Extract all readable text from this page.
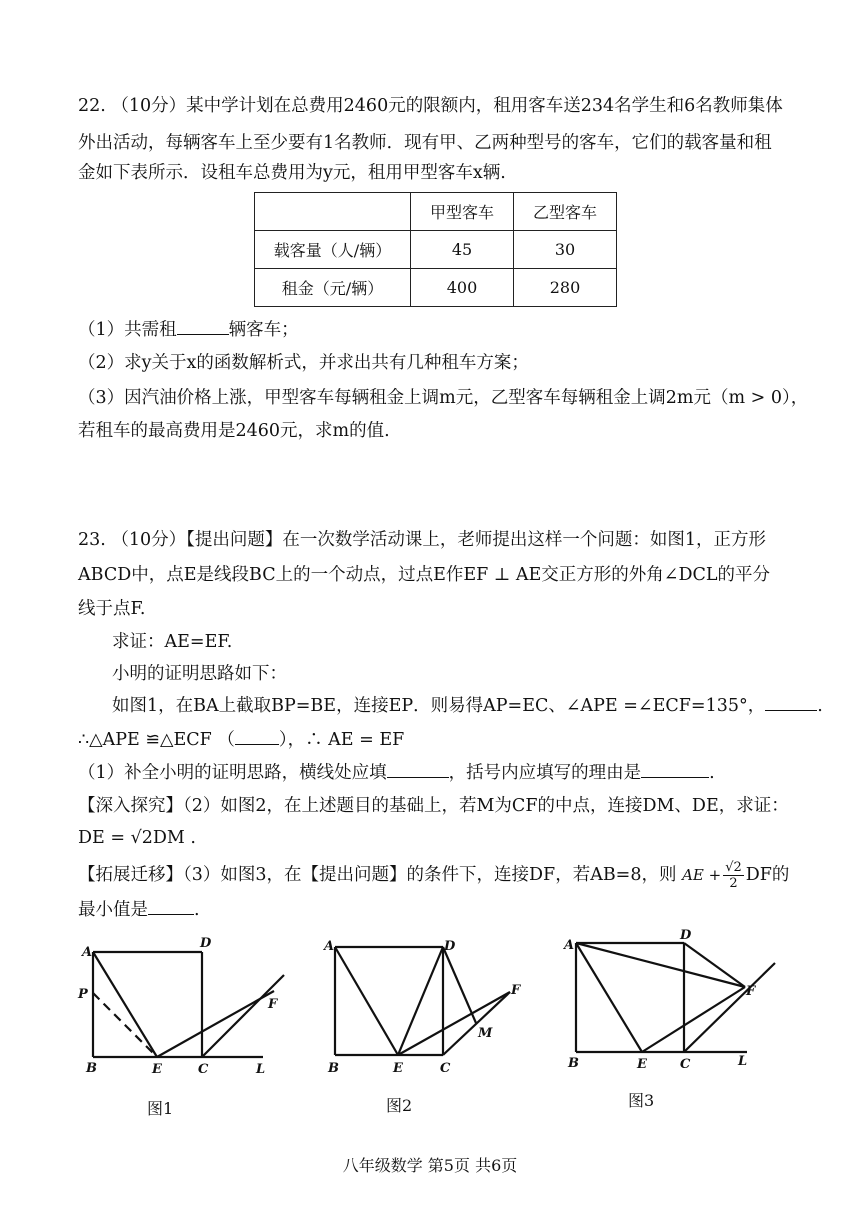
22. （10分）某中学计划在总费用2460元的限额内，租用客车送234名学生和6名教师集体
外出活动，每辆客车上至少要有1名教师．现有甲、乙两种型号的客车，它们的载客量和租
金如下表所示．设租车总费用为y元，租用甲型客车x辆.
	甲型客车	乙型客车
载客量（人/辆）	45	30
租金（元/辆）	400	280
（1）共需租	辆客车；
（2）求y关于x的函数解析式，并求出共有几种租车方案；
（3）因汽油价格上涨，甲型客车每辆租金上调m元，乙型客车每辆租金上调2m元（m > 0），
若租车的最高费用是2460元，求m的值.
23. （10分）【提出问题】在一次数学活动课上，老师提出这样一个问题：如图1，正方形
ABCD中，点E是线段BC上的一个动点，过点E作EF ⊥ AE交正方形的外角∠DCL的平分
线于点F.
求证：AE=EF.
小明的证明思路如下：
如图1，在BA上截取BP=BE，连接EP．则易得AP=EC、∠APE =∠ECF=135°，	.
∴△APE ≌△ECF （	），∴ AE = EF
（1）补全小明的证明思路，横线处应填	，括号内应填写的理由是	.
【深入探究】（2）如图2，在上述题目的基础上，若M为CF的中点，连接DM、DE，求证：
DE = √2DM .
【拓展迁移】（3）如图3，在【提出问题】的条件下，连接DF，若AB=8，则 AE + $\frac{√2}{2}$ DF的
最小值是	.
A
D
P
B	E	C	L
F
图1
A	D
B	E	C
F
M
图2
A
D
B	E	C	L
F
图3
八年级数学 第5页 共6页
